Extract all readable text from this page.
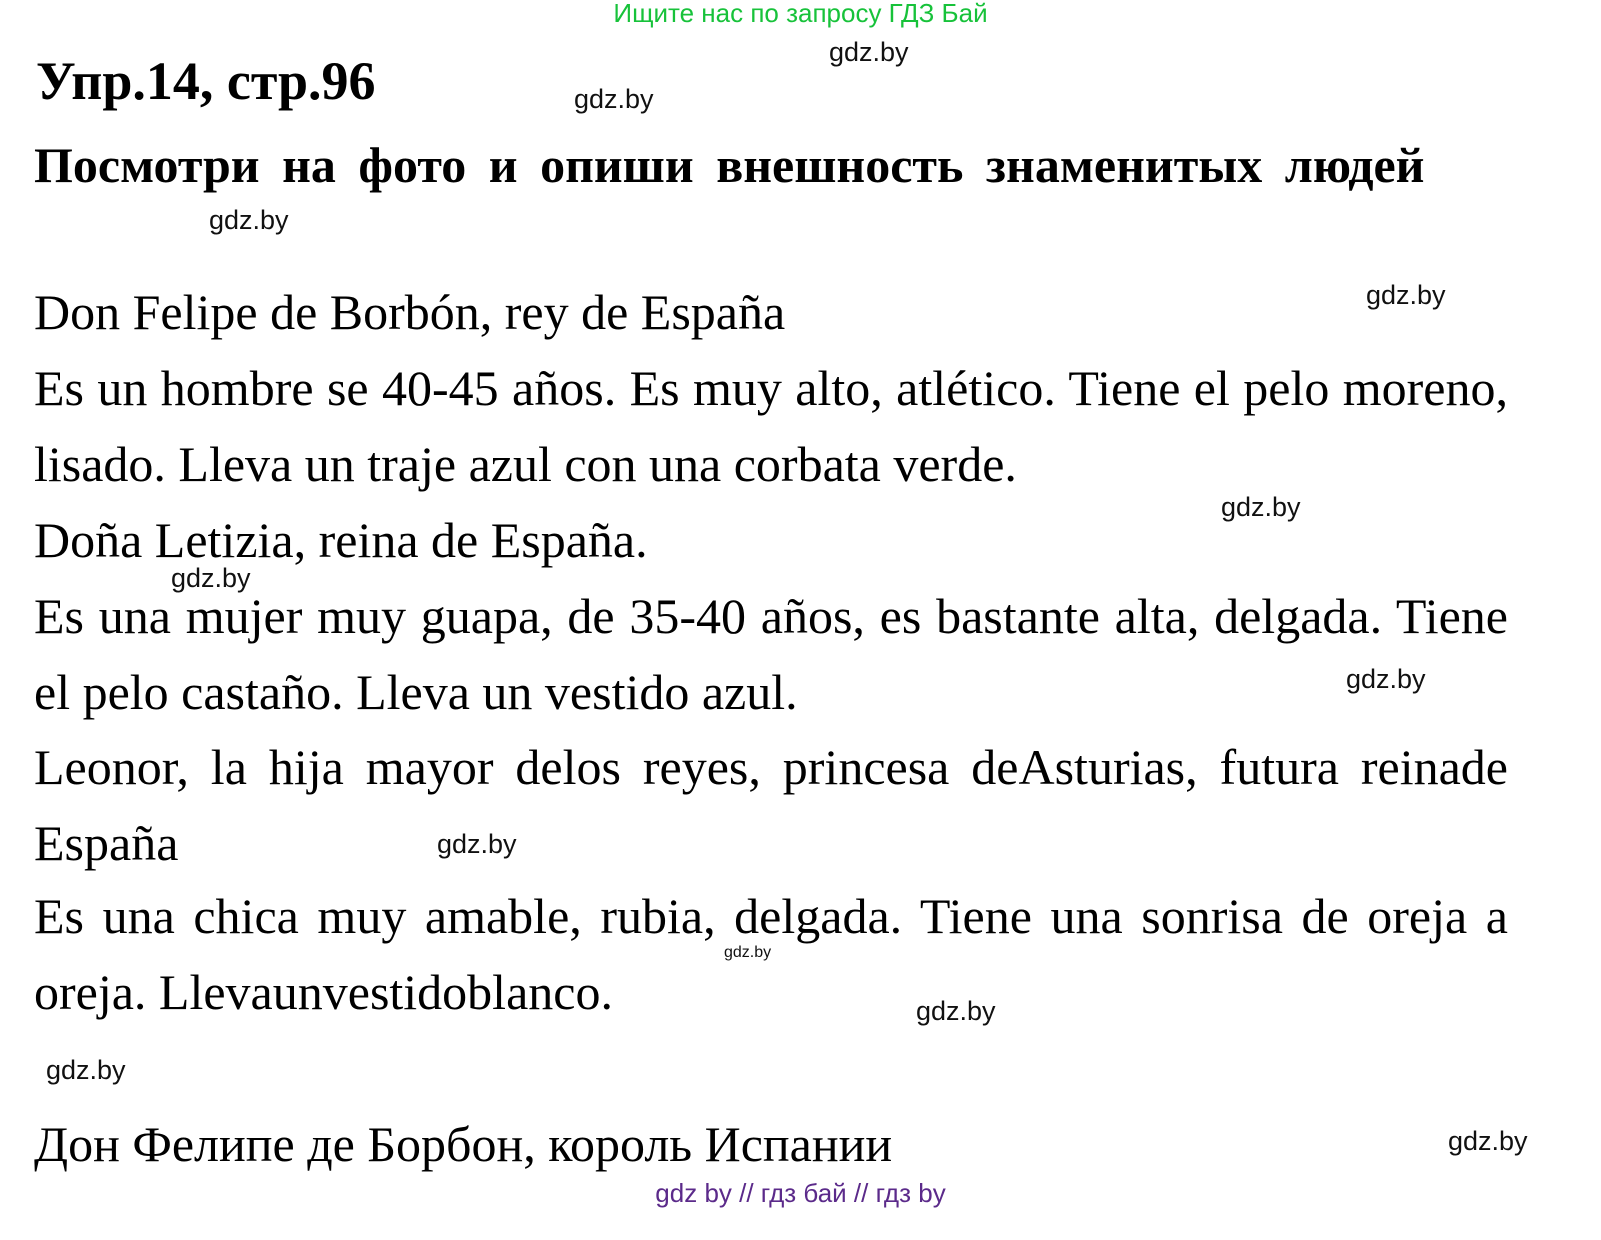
Ищите нас по запросу ГДЗ Бай
Упр.14, стр.96
Посмотри на фото и опиши внешность знаменитых людей
Don Felipe de Borbón, rey de España
Es un hombre se 40-45 años. Es muy alto, atlético. Tiene el pelo moreno, lisado. Lleva un traje azul con una corbata verde.
Doña Letizia, reina de España.
Es una mujer muy guapa, de 35-40 años, es bastante alta, delgada. Tiene el pelo castaño. Lleva un vestido azul.
Leonor, la hija mayor delos reyes, princesa deAsturias, futura reinade España
Es una chica muy amable, rubia, delgada. Tiene una sonrisa de oreja a oreja. Llevaunvestidoblanco.
Дон Фелипе де Борбон, король Испании
gdz.by
gdz.by
gdz.by
gdz.by
gdz.by
gdz.by
gdz.by
gdz.by
gdz.by
gdz.by
gdz.by
gdz.by
gdz by // гдз бай // гдз by
